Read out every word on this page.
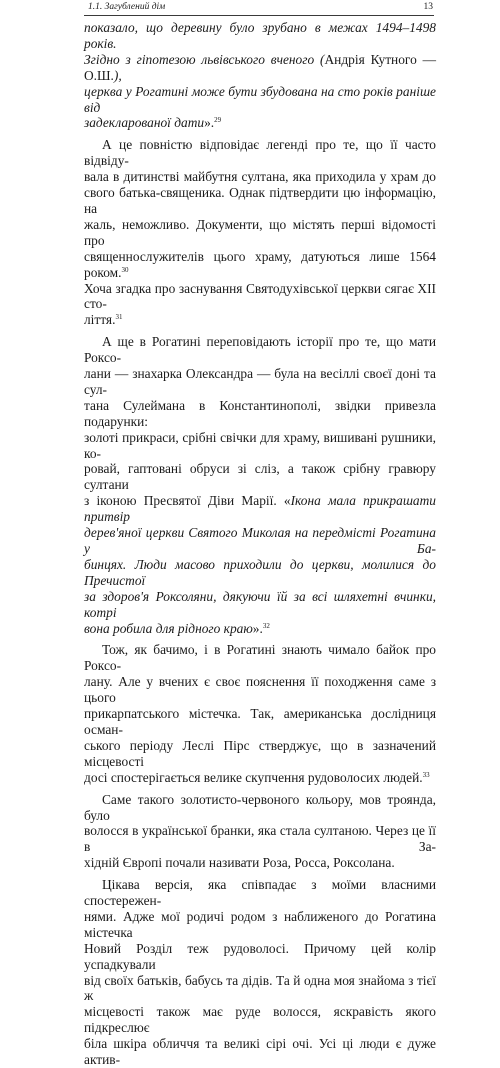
1.1. Загублений дім	13
показало, що деревину було зрубано в межах 1494–1498 років.
Згідно з гіпотезою львівського вченого (Андрія Кутного — О.Ш.),
церква у Рогатині може бути збудована на сто років раніше від
задекларованої дати».$^{29}$
А це повністю відповідає легенді про те, що її часто відвіду-
вала в дитинстві майбутня султана, яка приходила у храм до
свого батька-священика. Однак підтвердити цю інформацію, на
жаль, неможливо. Документи, що містять перші відомості про
священнослужителів цього храму, датуються лише 1564 роком.$^{30}$
Хоча згадка про заснування Святодухівської церкви сягає XII сто-
ліття.$^{31}$
А ще в Рогатині переповідають історії про те, що мати Роксо-
лани — знахарка Олександра — була на весіллі своєї доні та сул-
тана Сулеймана в Константинополі, звідки привезла подарунки:
золоті прикраси, срібні свічки для храму, вишивані рушники, ко-
ровай, гаптовані обруси зі сліз, а також срібну гравюру султани
з іконою Пресвятої Діви Марії. «Ікона мала прикрашати притвір
дерев'яної церкви Святого Миколая на передмісті Рогатина у Ба-
бинцях. Люди масово приходили до церкви, молилися до Пречистої
за здоров'я Роксоляни, дякуючи їй за всі шляхетні вчинки, котрі
вона робила для рідного краю».$^{32}$
Тож, як бачимо, і в Рогатині знають чимало байок про Роксо-
лану. Але у вчених є своє пояснення її походження саме з цього
прикарпатського містечка. Так, американська дослідниця осман-
ського періоду Леслі Пірс стверджує, що в зазначений місцевості
досі спостерігається велике скупчення рудоволосих людей.$^{33}$
Саме такого золотисто-червоного кольору, мов троянда, було
волосся в української бранки, яка стала султаною. Через це її в За-
хідній Європі почали називати Роза, Росса, Роксолана.
Цікава версія, яка співпадає з моїми власними спостережен-
нями. Адже мої родичі родом з наближеного до Рогатина містечка
Новий Розділ теж рудоволосі. Причому цей колір успадкували
від своїх батьків, бабусь та дідів. Та й одна моя знайома з тієї ж
місцевості також має руде волосся, яскравість якого підкреслює
біла шкіра обличчя та великі сірі очі. Усі ці люди є дуже актив-
